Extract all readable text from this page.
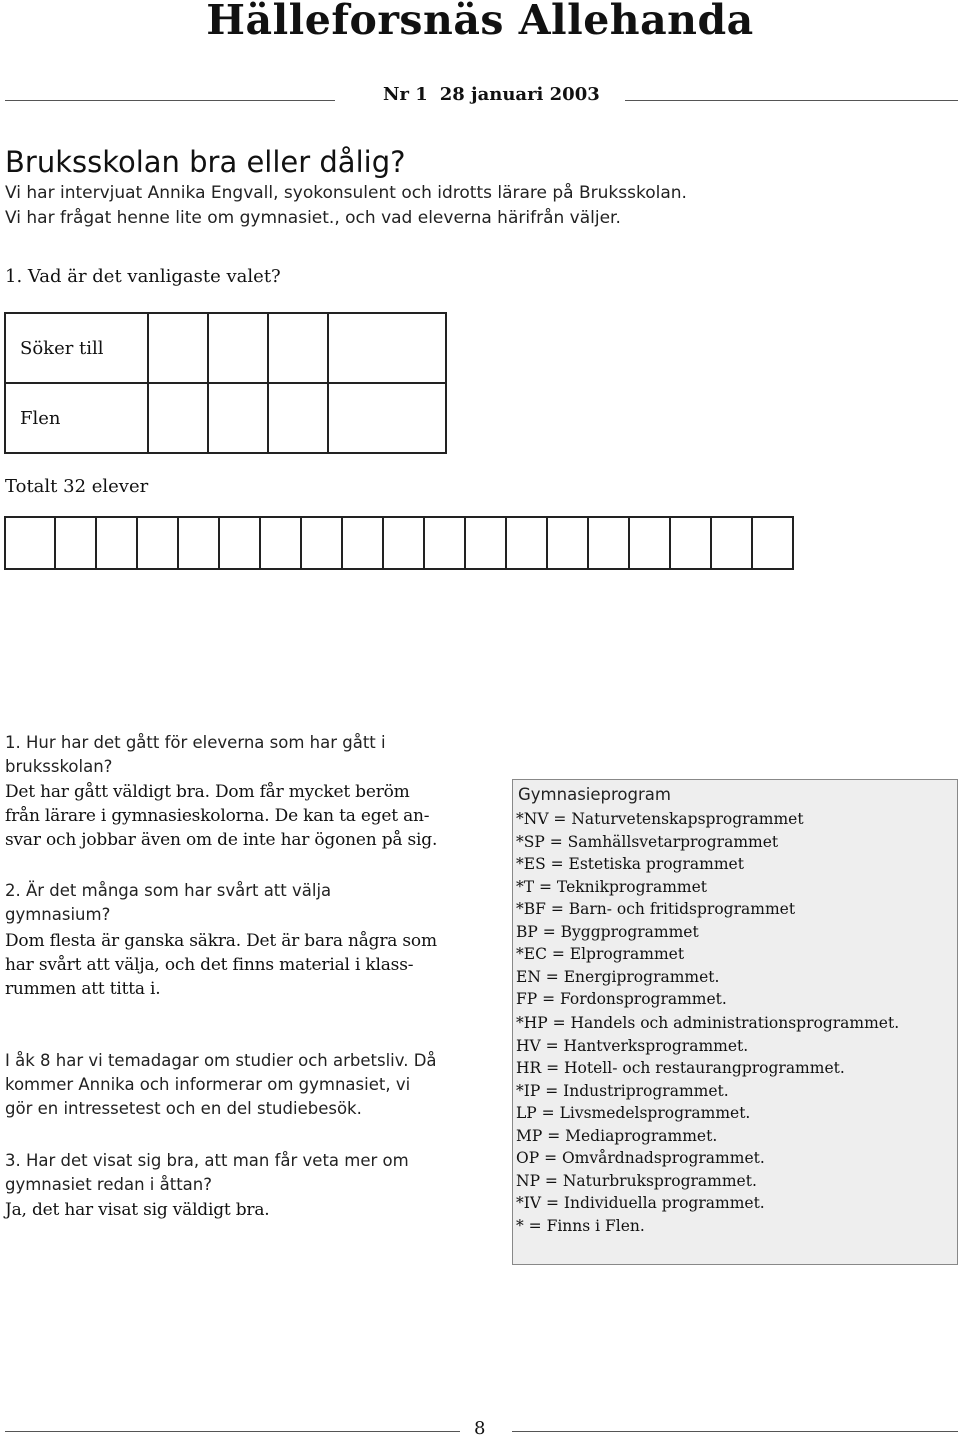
Hälleforsnäs Allehanda
Nr 1 28 januari 2003
Bruksskolan bra eller dålig?
Vi har intervjuat Annika Engvall, syokonsulent och idrotts lärare på Bruksskolan.
Vi har frågat henne lite om gymnasiet., och vad eleverna härifrån väljer.
1. Vad är det vanligaste valet?
Söker till				
Flen				
Totalt 32 elever

1. Hur har det gått för eleverna som har gått i
bruksskolan?
Det har gått väldigt bra. Dom får mycket beröm
från lärare i gymnasieskolorna. De kan ta eget an-
svar och jobbar även om de inte har ögonen på sig.
2. Är det många som har svårt att välja
gymnasium?
Dom flesta är ganska säkra. Det är bara några som
har svårt att välja, och det finns material i klass-
rummen att titta i.
I åk 8 har vi temadagar om studier och arbetsliv. Då
kommer Annika och informerar om gymnasiet, vi
gör en intressetest och en del studiebesök.
3. Har det visat sig bra, att man får veta mer om
gymnasiet redan i åttan?
Ja, det har visat sig väldigt bra.
Gymnasieprogram
*NV = Naturvetenskapsprogrammet
*SP = Samhällsvetarprogrammet
*ES = Estetiska programmet
*T = Teknikprogrammet
*BF = Barn- och fritidsprogrammet
BP = Byggprogrammet
*EC = Elprogrammet
EN = Energiprogrammet.
FP = Fordonsprogrammet.
*HP = Handels och administrationsprogrammet.
HV = Hantverksprogrammet.
HR = Hotell- och restaurangprogrammet.
*IP = Industriprogrammet.
LP = Livsmedelsprogrammet.
MP = Mediaprogrammet.
OP = Omvårdnadsprogrammet.
NP = Naturbruksprogrammet.
*IV = Individuella programmet.
* = Finns i Flen.
8
